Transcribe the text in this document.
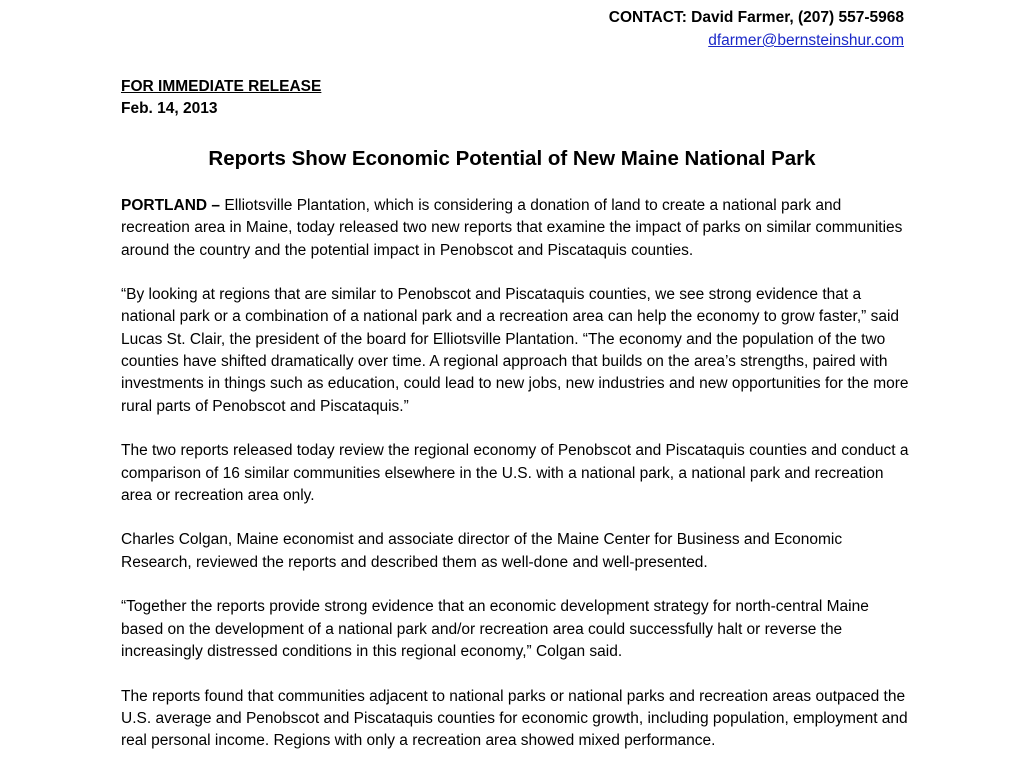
CONTACT: David Farmer, (207) 557-5968
dfarmer@bernsteinshur.com
FOR IMMEDIATE RELEASE
Feb. 14, 2013
Reports Show Economic Potential of New Maine National Park

PORTLAND – Elliotsville Plantation, which is considering a donation of land to create a national park and recreation area in Maine, today released two new reports that examine the impact of parks on similar communities around the country and the potential impact in Penobscot and Piscataquis counties.

“By looking at regions that are similar to Penobscot and Piscataquis counties, we see strong evidence that a national park or a combination of a national park and a recreation area can help the economy to grow faster,” said Lucas St. Clair, the president of the board for Elliotsville Plantation. “The economy and the population of the two counties have shifted dramatically over time. A regional approach that builds on the area’s strengths, paired with investments in things such as education, could lead to new jobs, new industries and new opportunities for the more rural parts of Penobscot and Piscataquis.”

The two reports released today review the regional economy of Penobscot and Piscataquis counties and conduct a comparison of 16 similar communities elsewhere in the U.S. with a national park, a national park and recreation area or recreation area only.

Charles Colgan, Maine economist and associate director of the Maine Center for Business and Economic Research, reviewed the reports and described them as well-done and well-presented.

“Together the reports provide strong evidence that an economic development strategy for north-central Maine based on the development of a national park and/or recreation area could successfully halt or reverse the increasingly distressed conditions in this regional economy,” Colgan said.

The reports found that communities adjacent to national parks or national parks and recreation areas outpaced the U.S. average and Penobscot and Piscataquis counties for economic growth, including population, employment and real personal income. Regions with only a recreation area showed mixed performance.
